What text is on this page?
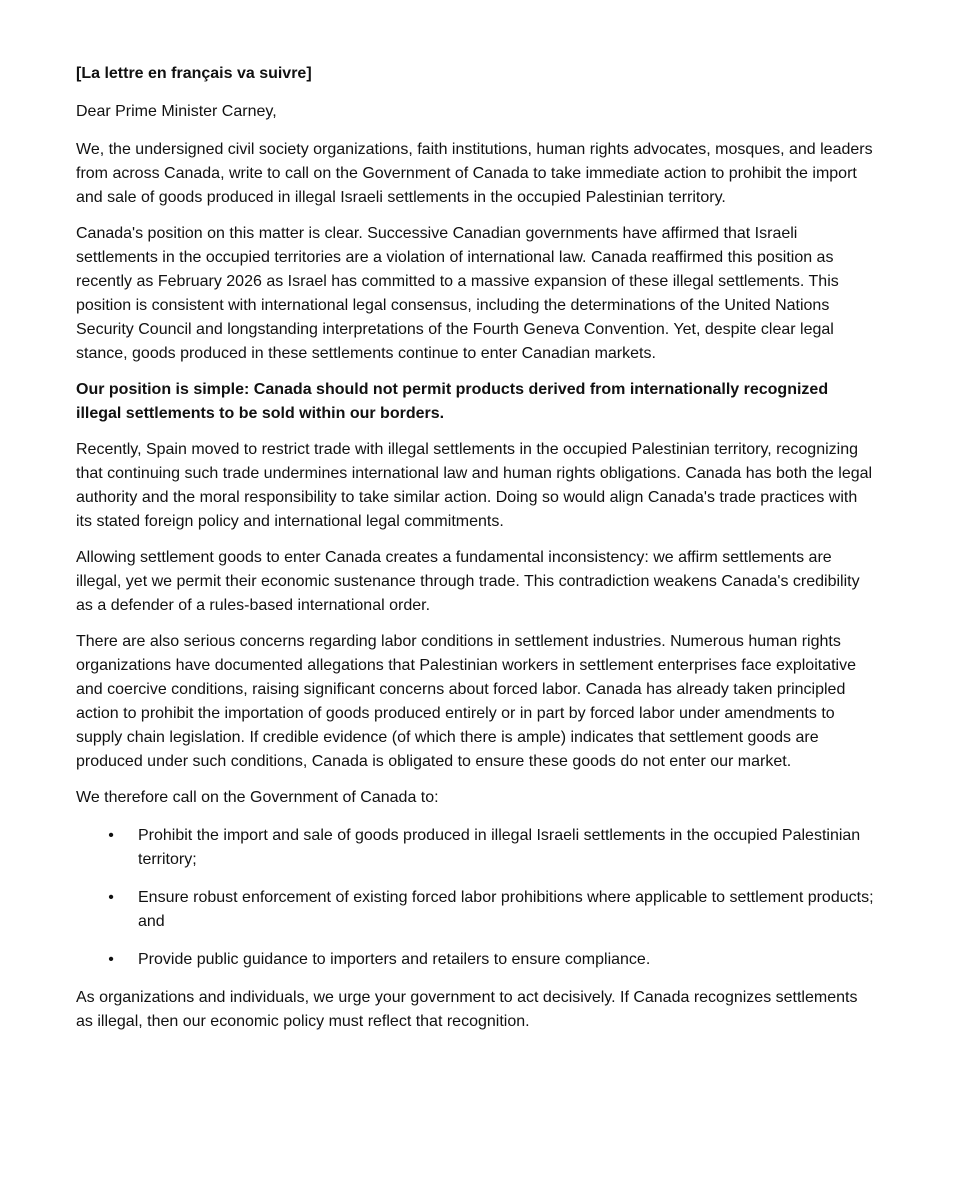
[La lettre en français va suivre]

Dear Prime Minister Carney,

We, the undersigned civil society organizations, faith institutions, human rights advocates, mosques, and leaders from across Canada, write to call on the Government of Canada to take immediate action to prohibit the import and sale of goods produced in illegal Israeli settlements in the occupied Palestinian territory.

Canada's position on this matter is clear. Successive Canadian governments have affirmed that Israeli settlements in the occupied territories are a violation of international law. Canada reaffirmed this position as recently as February 2026 as Israel has committed to a massive expansion of these illegal settlements. This position is consistent with international legal consensus, including the determinations of the United Nations Security Council and longstanding interpretations of the Fourth Geneva Convention. Yet, despite clear legal stance, goods produced in these settlements continue to enter Canadian markets.

Our position is simple: Canada should not permit products derived from internationally recognized illegal settlements to be sold within our borders.

Recently, Spain moved to restrict trade with illegal settlements in the occupied Palestinian territory, recognizing that continuing such trade undermines international law and human rights obligations. Canada has both the legal authority and the moral responsibility to take similar action. Doing so would align Canada's trade practices with its stated foreign policy and international legal commitments.

Allowing settlement goods to enter Canada creates a fundamental inconsistency: we affirm settlements are illegal, yet we permit their economic sustenance through trade. This contradiction weakens Canada's credibility as a defender of a rules-based international order.

There are also serious concerns regarding labor conditions in settlement industries. Numerous human rights organizations have documented allegations that Palestinian workers in settlement enterprises face exploitative and coercive conditions, raising significant concerns about forced labor. Canada has already taken principled action to prohibit the importation of goods produced entirely or in part by forced labor under amendments to supply chain legislation. If credible evidence (of which there is ample) indicates that settlement goods are produced under such conditions, Canada is obligated to ensure these goods do not enter our market.

We therefore call on the Government of Canada to:

• Prohibit the import and sale of goods produced in illegal Israeli settlements in the occupied Palestinian territory;
• Ensure robust enforcement of existing forced labor prohibitions where applicable to settlement products; and
• Provide public guidance to importers and retailers to ensure compliance.

As organizations and individuals, we urge your government to act decisively. If Canada recognizes settlements as illegal, then our economic policy must reflect that recognition.
